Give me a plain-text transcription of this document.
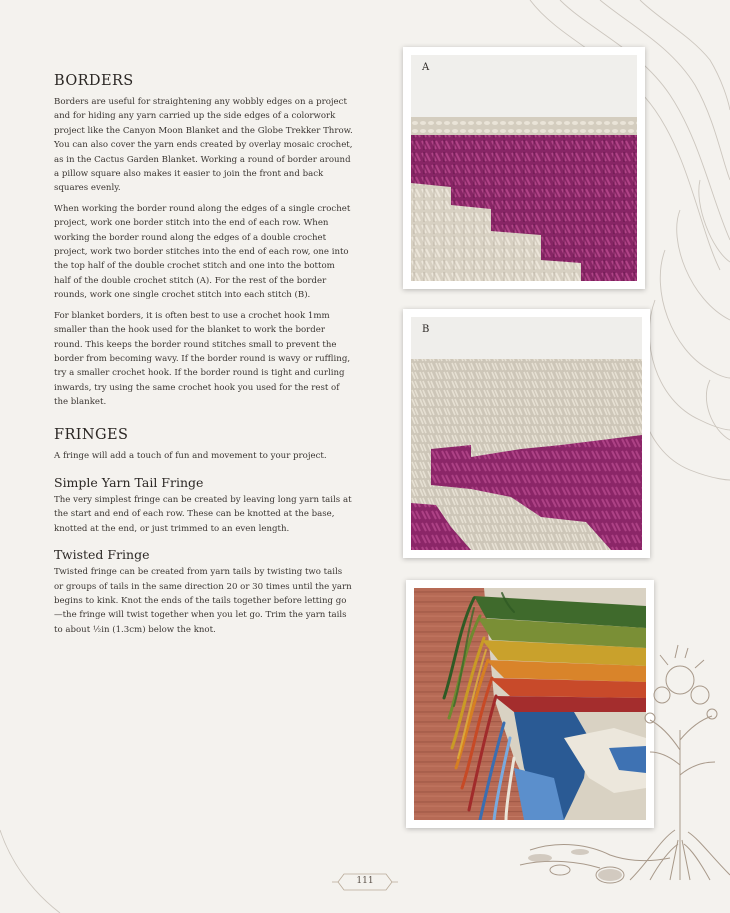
BORDERS

Borders are useful for straightening any wobbly edges on a project and for hiding any yarn carried up the side edges of a colorwork project like the Canyon Moon Blanket and the Globe Trekker Throw. You can also cover the yarn ends created by overlay mosaic crochet, as in the Cactus Garden Blanket. Working a round of border around a pillow square also makes it easier to join the front and back squares evenly.

When working the border round along the edges of a single crochet project, work one border stitch into the end of each row. When working the border round along the edges of a double crochet project, work two border stitches into the end of each row, one into the top half of the double crochet stitch and one into the bottom half of the double crochet stitch (A). For the rest of the border rounds, work one single crochet stitch into each stitch (B).

For blanket borders, it is often best to use a crochet hook 1mm smaller than the hook used for the blanket to work the border round. This keeps the border round stitches small to prevent the border from becoming wavy. If the border round is wavy or ruffling, try a smaller crochet hook. If the border round is tight and curling inwards, try using the same crochet hook you used for the rest of the blanket.

FRINGES

A fringe will add a touch of fun and movement to your project.

Simple Yarn Tail Fringe

The very simplest fringe can be created by leaving long yarn tails at the start and end of each row. These can be knotted at the base, knotted at the end, or just trimmed to an even length.

Twisted Fringe

Twisted fringe can be created from yarn tails by twisting two tails or groups of tails in the same direction 20 or 30 times until the yarn begins to kink. Knot the ends of the tails together before letting go—the fringe will twist together when you let go. Trim the yarn tails to about ½in (1.3cm) below the knot.

A
B
111
